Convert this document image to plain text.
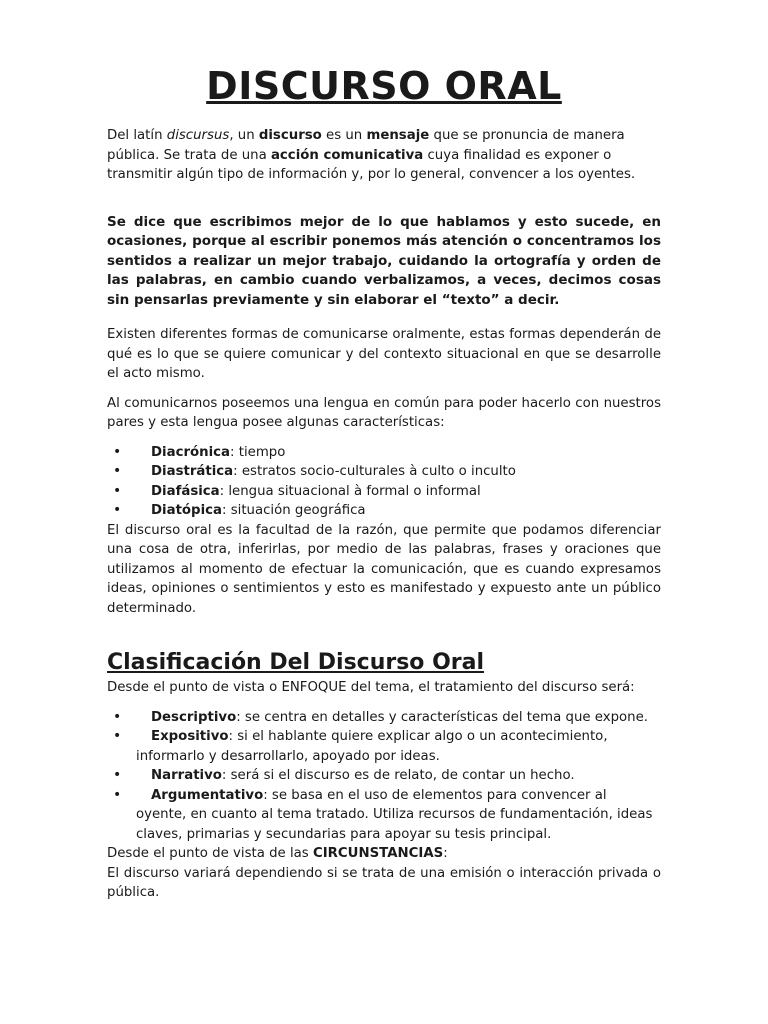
DISCURSO ORAL

Del latín discursus, un discurso es un mensaje que se pronuncia de manera pública. Se trata de una acción comunicativa cuya finalidad es exponer o transmitir algún tipo de información y, por lo general, convencer a los oyentes.

Se dice que escribimos mejor de lo que hablamos y esto sucede, en ocasiones, porque al escribir ponemos más atención o concentramos los sentidos a realizar un mejor trabajo, cuidando la ortografía y orden de las palabras, en cambio cuando verbalizamos, a veces, decimos cosas sin pensarlas previamente y sin elaborar el “texto” a decir.

Existen diferentes formas de comunicarse oralmente, estas formas dependerán de qué es lo que se quiere comunicar y del contexto situacional en que se desarrolle el acto mismo.

Al comunicarnos poseemos una lengua en común para poder hacerlo con nuestros pares y esta lengua posee algunas características:

• Diacrónica: tiempo
• Diastrática: estratos socio-culturales à culto o inculto
• Diafásica: lengua situacional à formal o informal
• Diatópica: situación geográfica

El discurso oral es la facultad de la razón, que permite que podamos diferenciar una cosa de otra, inferirlas, por medio de las palabras, frases y oraciones que utilizamos al momento de efectuar la comunicación, que es cuando expresamos ideas, opiniones o sentimientos y esto es manifestado y expuesto ante un público determinado.

Clasificación Del Discurso Oral

Desde el punto de vista o ENFOQUE del tema, el tratamiento del discurso será:

• Descriptivo: se centra en detalles y características del tema que expone.
• Expositivo: si el hablante quiere explicar algo o un acontecimiento, informarlo y desarrollarlo, apoyado por ideas.
• Narrativo: será si el discurso es de relato, de contar un hecho.
• Argumentativo: se basa en el uso de elementos para convencer al oyente, en cuanto al tema tratado. Utiliza recursos de fundamentación, ideas claves, primarias y secundarias para apoyar su tesis principal.

Desde el punto de vista de las CIRCUNSTANCIAS:

El discurso variará dependiendo si se trata de una emisión o interacción privada o pública.
